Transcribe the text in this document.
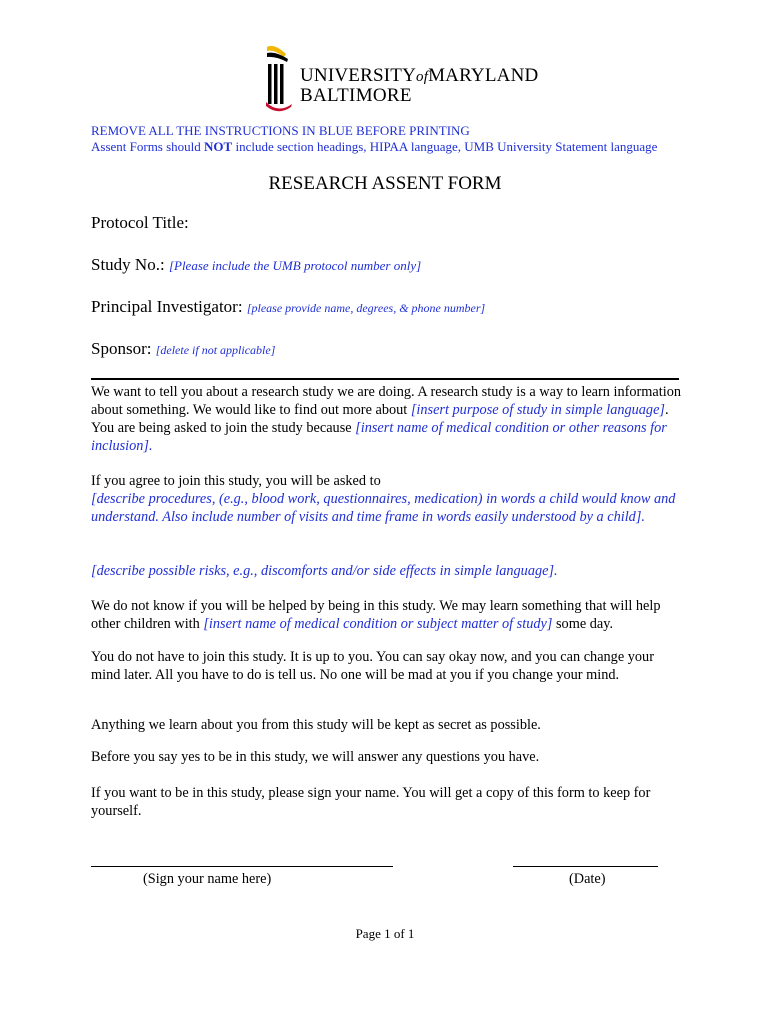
UNIVERSITYofMARYLAND
BALTIMORE
REMOVE ALL THE INSTRUCTIONS IN BLUE BEFORE PRINTING
Assent Forms should NOT include section headings, HIPAA language, UMB University Statement language
RESEARCH ASSENT FORM
Protocol Title:
Study No.: [Please include the UMB protocol number only]
Principal Investigator: [please provide name, degrees, & phone number]
Sponsor: [delete if not applicable]
We want to tell you about a research study we are doing. A research study is a way to learn information about something. We would like to find out more about [insert purpose of study in simple language]. You are being asked to join the study because [insert name of medical condition or other reasons for inclusion].
If you agree to join this study, you will be asked to
[describe procedures, (e.g., blood work, questionnaires, medication) in words a child would know and understand. Also include number of visits and time frame in words easily understood by a child].
[describe possible risks, e.g., discomforts and/or side effects in simple language].
We do not know if you will be helped by being in this study. We may learn something that will help other children with [insert name of medical condition or subject matter of study] some day.
You do not have to join this study. It is up to you. You can say okay now, and you can change your mind later. All you have to do is tell us. No one will be mad at you if you change your mind.
Anything we learn about you from this study will be kept as secret as possible.
Before you say yes to be in this study, we will answer any questions you have.
If you want to be in this study, please sign your name. You will get a copy of this form to keep for yourself.
(Sign your name here)	(Date)
Page 1 of 1
